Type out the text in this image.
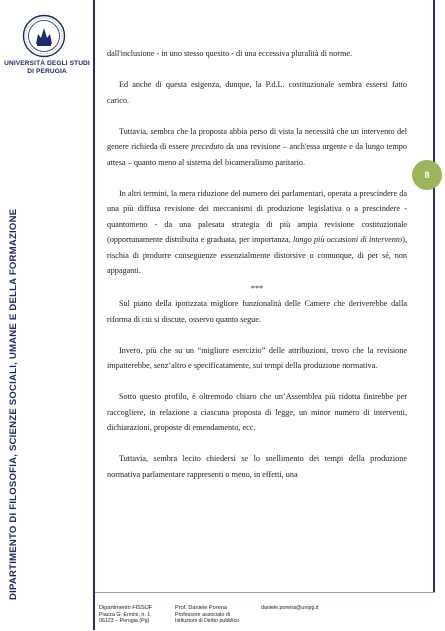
UNIVERSITÀ DEGLI STUDI
DI PERUGIA
DIPARTIMENTO DI FILOSOFIA, SCIENZE SOCIALI, UMANE E DELLA FORMAZIONE
8

dall'inclusione - in uno stesso quesito - di una eccessiva pluralità di norme.

Ed anche di questa esigenza, dunque, la P.d.L. costituzionale sembra essersi fatto carico.

Tuttavia, sembra che la proposta abbia perso di vista la necessità che un intervento del genere richieda di essere preceduto da una revisione – anch'essa urgente e da lungo tempo attesa – quanto meno al sistema del bicameralismo paritario.

In altri termini, la mera riduzione del numero dei parlamentari, operata a prescindere da una più diffusa revisione dei meccanismi di produzione legislativa o a prescindere - quantomeno - da una palesata strategia di più ampia revisione costituzionale (opportunamente distribuita e graduata, per importanza, lungo più occasioni di intervento), rischia di produrre conseguenze essenzialmente distorsive o comunque, di per sé, non appaganti.

***

Sul piano della ipotizzata migliore funzionalità delle Camere che deriverebbe dalla riforma di cui si discute, osservo quanto segue.

Invero, più che su un “migliore esercizio” delle attribuzioni, trovo che la revisione impatterebbe, senz’altro e specificatamente, sui tempi della produzione normativa.

Sotto questo profilo, è oltremodo chiaro che un’Assemblea più ridotta finirebbe per raccogliere, in relazione a ciascuna proposta di legge, un minor numero di interventi, dichiarazioni, proposte di emendamento, ecc.

Tuttavia, sembra lecito chiedersi se lo snellimento dei tempi della produzione normativa parlamentare rappresenti o meno, in effetti, una

Dipartimento FISSUF
Piazza G. Ermini, n. 1
06123 – Perugia (Pg)
Prof. Daniele Porena
Professore associato di
Istituzioni di Diritto pubblico
daniele.porena@unipg.it
